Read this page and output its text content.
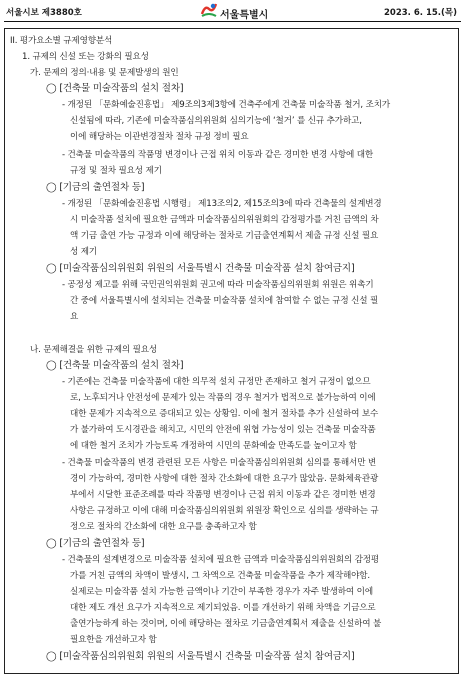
서울시보 제3880호	서울특별시	2023. 6. 15.(목)
II. 평가요소별 규제영향분석
1. 규제의 신설 또는 강화의 필요성
가. 문제의 정의·내용 및 문제발생의 원인
◯ [건축물 미술작품의 설치 절차]
- 개정된 「문화예술진흥법」 제9조의3제3항에 건축주에게 건축물 미술작품 철거, 조치가
신설됨에 따라, 기존에 미술작품심의위원회 심의기능에 ‘철거’ 를 신규 추가하고,
이에 해당하는 이관변경절차 절차 규정 정비 필요
- 건축물 미술작품의 작품명 변경이나 근접 위치 이동과 같은 경미한 변경 사항에 대한
규정 및 절차 필요성 제기
◯ [기금의 출연절차 등]
- 개정된 「문화예술진흥법 시행령」 제13조의2, 제15조의3에 따라 건축물의 설계변경
시 미술작품 설치에 필요한 금액과 미술작품심의위원회의 감정평가를 거친 금액의 차
액 기금 출연 가능 규정과 이에 해당하는 절차로 기금출연계획서 제출 규정 신설 필요
성 제기
◯ [미술작품심의위원회 위원의 서울특별시 건축물 미술작품 설치 참여금지]
- 공정성 제고를 위해 국민권익위원회 권고에 따라 미술작품심의위원회 위원은 위촉기
간 중에 서울특별시에 설치되는 건축물 미술작품 설치에 참여할 수 없는 규정 신설 필
요
나. 문제해결을 위한 규제의 필요성
◯ [건축물 미술작품의 설치 절차]
- 기존에는 건축물 미술작품에 대한 의무적 설치 규정만 존재하고 철거 규정이 없으므
로, 노후되거나 안전성에 문제가 있는 작품의 경우 철거가 법적으로 불가능하여 이에
대한 문제가 지속적으로 증대되고 있는 상황임. 이에 철거 절차를 추가 신설하여 보수
가 불가하여 도시경관을 해치고, 시민의 안전에 위협 가능성이 있는 건축물 미술작품
에 대한 철거 조치가 가능토록 개정하여 시민의 문화예술 만족도를 높이고자 함
- 건축물 미술작품의 변경 관련된 모든 사항은 미술작품심의위원회 심의를 통해서만 변
경이 가능하여, 경미한 사항에 대한 절차 간소화에 대한 요구가 많았음. 문화체육관광
부에서 시달한 표준조례를 따라 작품명 변경이나 근접 위치 이동과 같은 경미한 변경
사항은 규정하고 이에 대해 미술작품심의위원회 위원장 확인으로 심의를 생략하는 규
정으로 절차의 간소화에 대한 요구를 충족하고자 함
◯ [기금의 출연절차 등]
- 건축물의 설계변경으로 미술작품 설치에 필요한 금액과 미술작품심의위원회의 감정평
가를 거친 금액의 차액이 발생시, 그 차액으로 건축물 미술작품을 추가 제작해야함.
실제로는 미술작품 설치 가능한 금액이나 기간이 부족한 경우가 자주 발생하여 이에
대한 제도 개선 요구가 지속적으로 제기되었음. 이를 개선하기 위해 차액을 기금으로
출연가능하게 하는 것이며, 이에 해당하는 절차로 기금출연계획서 제출을 신설하여 불
필요한을 개선하고자 함
◯ [미술작품심의위원회 위원의 서울특별시 건축물 미술작품 설치 참여금지]
